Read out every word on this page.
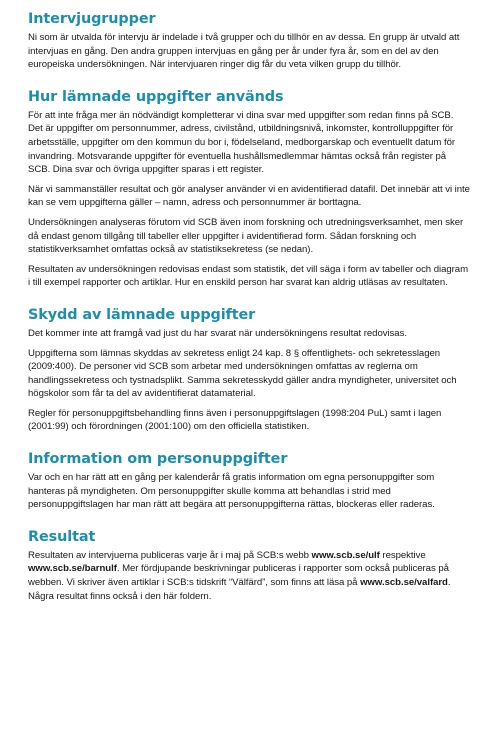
Intervjugrupper

Ni som är utvalda för intervju är indelade i två grupper och du tillhör en av dessa. En grupp är utvald att intervjuas en gång. Den andra gruppen intervjuas en gång per år under fyra år, som en del av den europeiska undersökningen. När intervjuaren ringer dig får du veta vilken grupp du tillhör.

Hur lämnade uppgifter används

För att inte fråga mer än nödvändigt kompletterar vi dina svar med uppgifter som redan finns på SCB. Det är uppgifter om personnummer, adress, civilstånd, utbildningsnivå, inkomster, kontrolluppgifter för arbetsställe, uppgifter om den kommun du bor i, födelseland, medborgarskap och eventuellt datum för invandring. Motsvarande uppgifter för eventuella hushållsmedlemmar hämtas också från register på SCB. Dina svar och övriga uppgifter sparas i ett register.

När vi sammanställer resultat och gör analyser använder vi en avidentifierad datafil. Det innebär att vi inte kan se vem uppgifterna gäller – namn, adress och personnummer är borttagna.

Undersökningen analyseras förutom vid SCB även inom forskning och utredningsverksamhet, men sker då endast genom tillgång till tabeller eller uppgifter i avidentifierad form. Sådan forskning och statistikverksamhet omfattas också av statistiksekretess (se nedan).

Resultaten av undersökningen redovisas endast som statistik, det vill säga i form av tabeller och diagram i till exempel rapporter och artiklar. Hur en enskild person har svarat kan aldrig utläsas av resultaten.

Skydd av lämnade uppgifter

Det kommer inte att framgå vad just du har svarat när undersökningens resultat redovisas.

Uppgifterna som lämnas skyddas av sekretess enligt 24 kap. 8 § offentlighets- och sekretesslagen (2009:400). De personer vid SCB som arbetar med undersökningen omfattas av reglerna om handlingssekretess och tystnadsplikt. Samma sekretesskydd gäller andra myndigheter, universitet och högskolor som får ta del av avidentifierat datamaterial.

Regler för personuppgiftsbehandling finns även i personuppgiftslagen (1998:204 PuL) samt i lagen (2001:99) och förordningen (2001:100) om den officiella statistiken.

Information om personuppgifter

Var och en har rätt att en gång per kalenderår få gratis information om egna personuppgifter som hanteras på myndigheten. Om personuppgifter skulle komma att behandlas i strid med personuppgiftslagen har man rätt att begära att personuppgifterna rättas, blockeras eller raderas.

Resultat

Resultaten av intervjuerna publiceras varje år i maj på SCB:s webb www.scb.se/ulf respektive www.scb.se/barnulf. Mer fördjupande beskrivningar publiceras i rapporter som också publiceras på webben. Vi skriver även artiklar i SCB:s tidskrift “Välfärd”, som finns att läsa på www.scb.se/valfard. Några resultat finns också i den här foldern.
